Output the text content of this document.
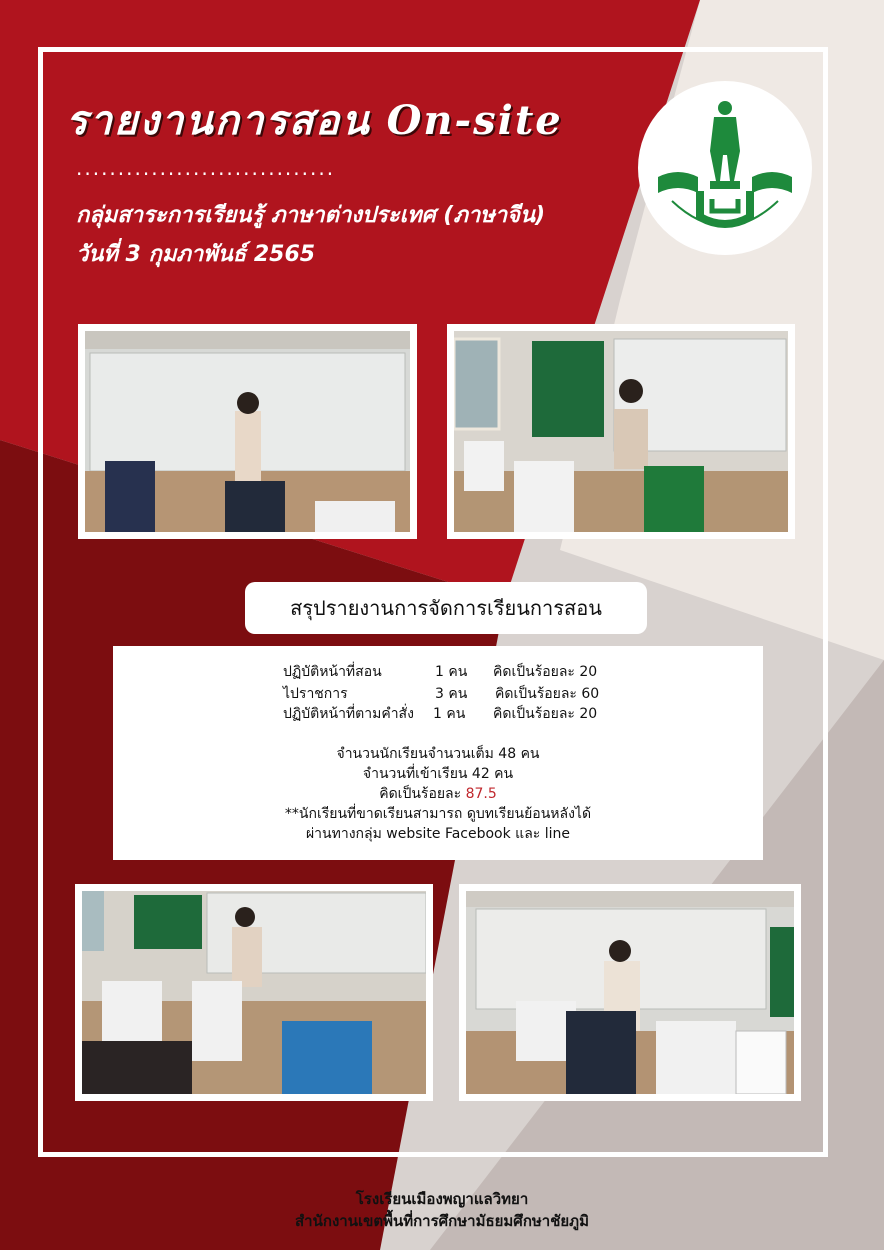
รายงานการสอน On-site
...............................
กลุ่มสาระการเรียนรู้ ภาษาต่างประเทศ (ภาษาจีน)
วันที่ 3 กุมภาพันธ์ 2565
สรุปรายงานการจัดการเรียนการสอน
ปฏิบัติหน้าที่สอน	1 คน คิดเป็นร้อยละ 20
ไปราชการ	3 คน คิดเป็นร้อยละ 60
ปฏิบัติหน้าที่ตามคำสั่ง 1 คน คิดเป็นร้อยละ 20
จำนวนนักเรียนจำนวนเต็ม 48 คน
จำนวนที่เข้าเรียน 42 คน
คิดเป็นร้อยละ 87.5
**นักเรียนที่ขาดเรียนสามารถ ดูบทเรียนย้อนหลังได้
ผ่านทางกลุ่ม website Facebook และ line
โรงเรียนเมืองพญาแลวิทยา
สำนักงานเขตพื้นที่การศึกษามัธยมศึกษาชัยภูมิ
